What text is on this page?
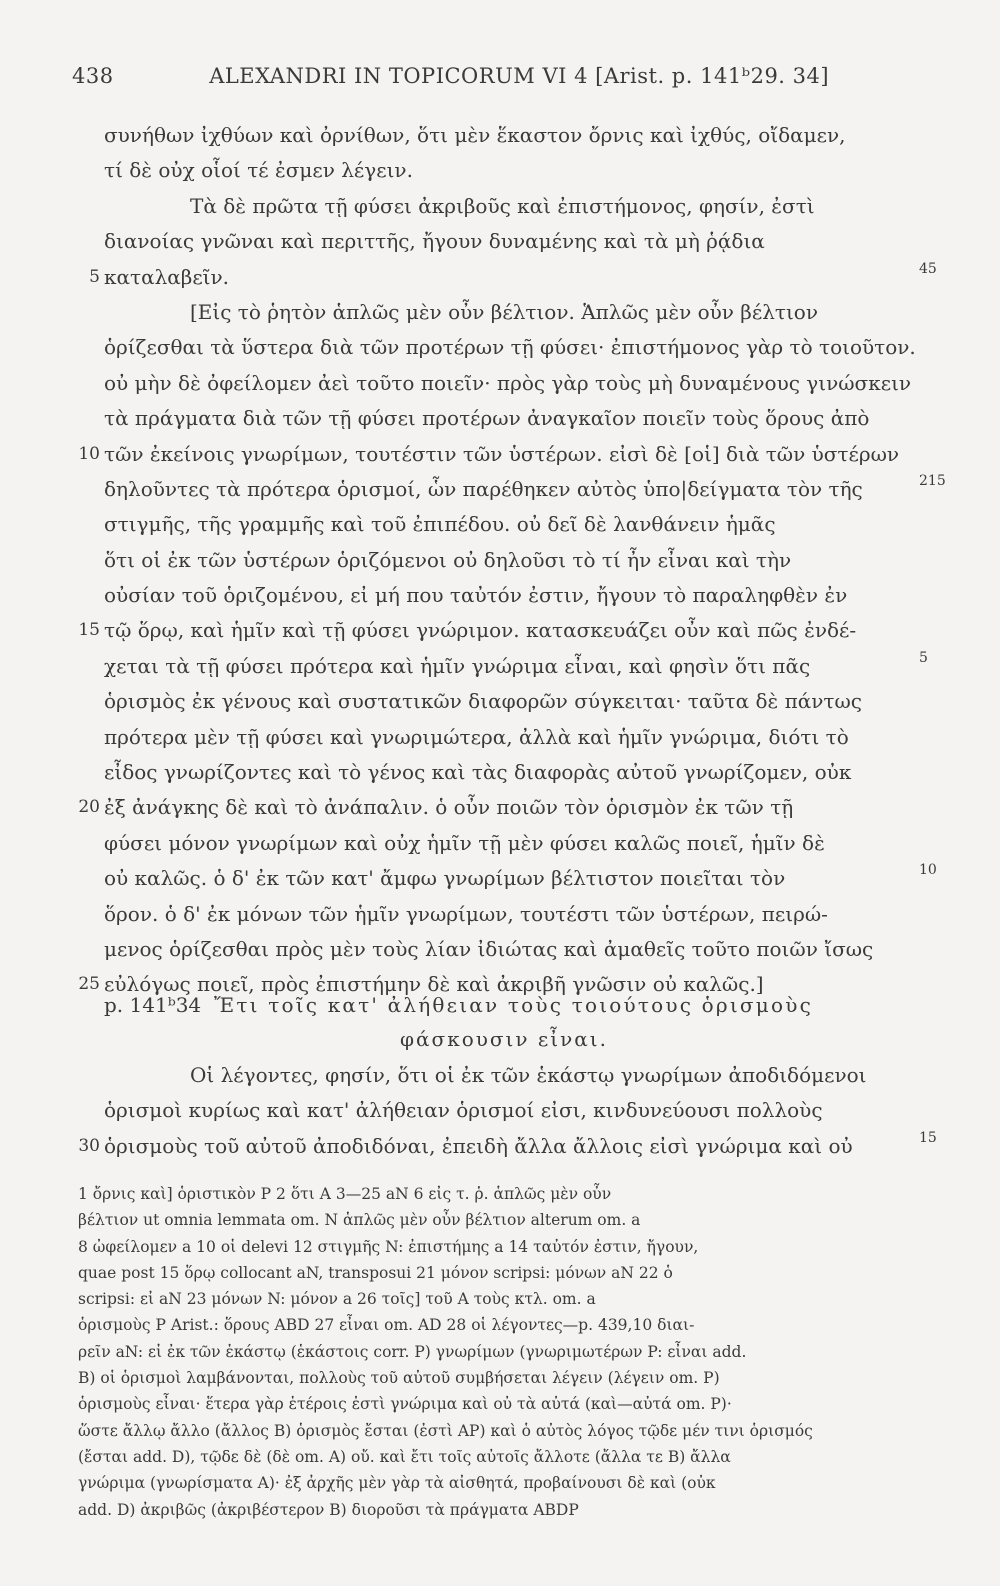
438	ALEXANDRI IN TOPICORUM VI 4 [Arist. p. 141ᵇ29. 34]
συνήθων ἰχθύων καὶ ὀρνίθων, ὅτι μὲν ἕκαστον ὄρνις καὶ ἰχθύς, οἴδαμεν,
τί δὲ οὐχ οἷοί τέ ἐσμεν λέγειν.
Τὰ δὲ πρῶτα τῇ φύσει ἀκριβοῦς καὶ ἐπιστήμονος, φησίν, ἐστὶ
διανοίας γνῶναι καὶ περιττῆς, ἤγουν δυναμένης καὶ τὰ μὴ ῥᾴδια
καταλαβεῖν.
5	45
[Εἰς τὸ ῥητὸν ἁπλῶς μὲν οὖν βέλτιον. Ἁπλῶς μὲν οὖν βέλτιον
ὁρίζεσθαι τὰ ὕστερα διὰ τῶν προτέρων τῇ φύσει· ἐπιστήμονος γὰρ τὸ τοιοῦτον.
οὐ μὴν δὲ ὀφείλομεν ἀεὶ τοῦτο ποιεῖν· πρὸς γὰρ τοὺς μὴ δυναμένους γινώσκειν
τὰ πράγματα διὰ τῶν τῇ φύσει προτέρων ἀναγκαῖον ποιεῖν τοὺς ὅρους ἀπὸ
τῶν ἐκείνοις γνωρίμων, τουτέστιν τῶν ὑστέρων. εἰσὶ δὲ [οἱ] διὰ τῶν ὑστέρων
10
δηλοῦντες τὰ πρότερα ὁρισμοί, ὧν παρέθηκεν αὐτὸς ὑπο|δείγματα τὸν τῆς	215
στιγμῆς, τῆς γραμμῆς καὶ τοῦ ἐπιπέδου. οὐ δεῖ δὲ λανθάνειν ἡμᾶς
ὅτι οἱ ἐκ τῶν ὑστέρων ὁριζόμενοι οὐ δηλοῦσι τὸ τί ἦν εἶναι καὶ τὴν
οὐσίαν τοῦ ὁριζομένου, εἰ μή που ταὐτόν ἐστιν, ἤγουν τὸ παραληφθὲν ἐν
τῷ ὅρῳ, καὶ ἡμῖν καὶ τῇ φύσει γνώριμον. κατασκευάζει οὖν καὶ πῶς ἐνδέ-
15
χεται τὰ τῇ φύσει πρότερα καὶ ἡμῖν γνώριμα εἶναι, καὶ φησὶν ὅτι πᾶς	5
ὁρισμὸς ἐκ γένους καὶ συστατικῶν διαφορῶν σύγκειται· ταῦτα δὲ πάντως
πρότερα μὲν τῇ φύσει καὶ γνωριμώτερα, ἀλλὰ καὶ ἡμῖν γνώριμα, διότι τὸ
εἶδος γνωρίζοντες καὶ τὸ γένος καὶ τὰς διαφορὰς αὐτοῦ γνωρίζομεν, οὐκ
ἐξ ἀνάγκης δὲ καὶ τὸ ἀνάπαλιν. ὁ οὖν ποιῶν τὸν ὁρισμὸν ἐκ τῶν τῇ
20
φύσει μόνον γνωρίμων καὶ οὐχ ἡμῖν τῇ μὲν φύσει καλῶς ποιεῖ, ἡμῖν δὲ
οὐ καλῶς. ὁ δ' ἐκ τῶν κατ' ἄμφω γνωρίμων βέλτιστον ποιεῖται τὸν	10
ὅρον. ὁ δ' ἐκ μόνων τῶν ἡμῖν γνωρίμων, τουτέστι τῶν ὑστέρων, πειρώ-
μενος ὁρίζεσθαι πρὸς μὲν τοὺς λίαν ἰδιώτας καὶ ἀμαθεῖς τοῦτο ποιῶν ἴσως
εὐλόγως ποιεῖ, πρὸς ἐπιστήμην δὲ καὶ ἀκριβῆ γνῶσιν οὐ καλῶς.]
25
p. 141ᵇ34 Ἔτι τοῖς κατ' ἀλήθειαν τοὺς τοιούτους ὁρισμοὺς
φάσκουσιν εἶναι.
Οἱ λέγοντες, φησίν, ὅτι οἱ ἐκ τῶν ἑκάστῳ γνωρίμων ἀποδιδόμενοι
ὁρισμοὶ κυρίως καὶ κατ' ἀλήθειαν ὁρισμοί εἰσι, κινδυνεύουσι πολλοὺς
ὁρισμοὺς τοῦ αὐτοῦ ἀποδιδόναι, ἐπειδὴ ἄλλα ἄλλοις εἰσὶ γνώριμα καὶ οὐ
30	15
1 ὄρνις καὶ] ὁριστικὸν P 2 ὅτι A 3—25 aN 6 εἰς τ. ῥ. ἁπλῶς μὲν οὖν
βέλτιον ut omnia lemmata om. N ἁπλῶς μὲν οὖν βέλτιον alterum om. a
8 ὠφείλομεν a 10 οἱ delevi 12 στιγμῆς N: ἐπιστήμης a 14 ταὐτόν ἐστιν, ἤγουν,
quae post 15 ὅρῳ collocant aN, transposui 21 μόνον scripsi: μόνων aN 22 ὁ
scripsi: εἰ aN 23 μόνων N: μόνον a 26 τοῖς] τοῦ A τοὺς κτλ. om. a
ὁρισμοὺς P Arist.: ὅρους ABD 27 εἶναι om. AD 28 οἱ λέγοντες—p. 439,10 διαι-
ρεῖν aN: εἰ ἐκ τῶν ἑκάστῳ (ἑκάστοις corr. P) γνωρίμων (γνωριμωτέρων P: εἶναι add.
B) οἱ ὁρισμοὶ λαμβάνονται, πολλοὺς τοῦ αὐτοῦ συμβήσεται λέγειν (λέγειν om. P)
ὁρισμοὺς εἶναι· ἕτερα γὰρ ἑτέροις ἐστὶ γνώριμα καὶ οὐ τὰ αὐτά (καὶ—αὐτά om. P)·
ὥστε ἄλλῳ ἄλλο (ἄλλος B) ὁρισμὸς ἔσται (ἐστὶ AP) καὶ ὁ αὐτὸς λόγος τῷδε μέν τινι ὁρισμός
(ἔσται add. D), τῷδε δὲ (δὲ om. A) οὔ. καὶ ἔτι τοῖς αὐτοῖς ἄλλοτε (ἄλλα τε B) ἄλλα
γνώριμα (γνωρίσματα A)· ἐξ ἀρχῆς μὲν γὰρ τὰ αἰσθητά, προβαίνουσι δὲ καὶ (οὐκ
add. D) ἀκριβῶς (ἀκριβέστερον B) διοροῦσι τὰ πράγματα ABDP
